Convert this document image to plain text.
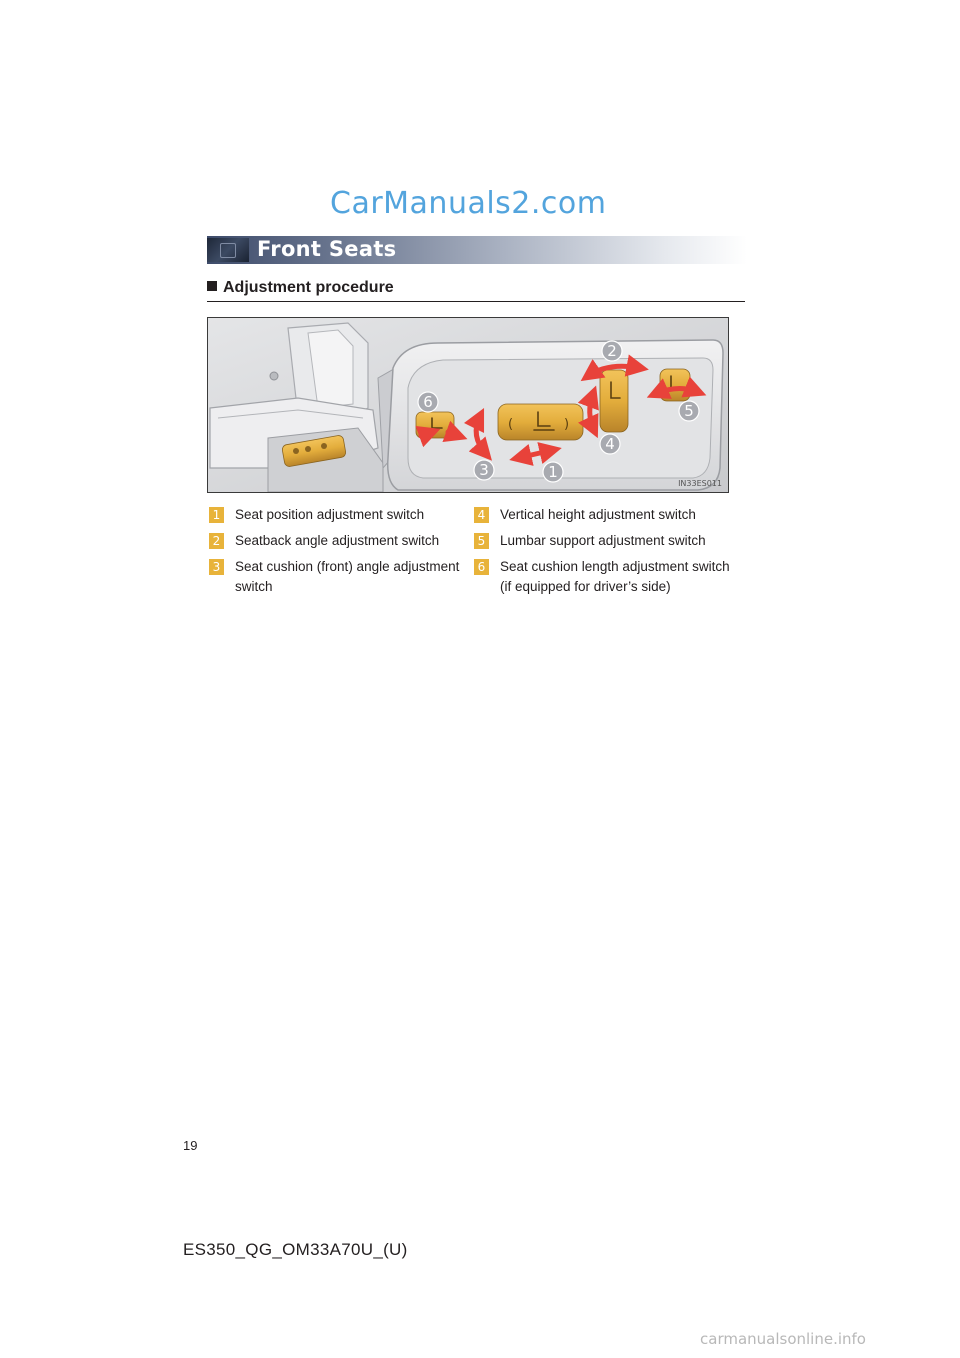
CarManuals2.com
Front Seats
Adjustment procedure
(	)
1
2
3
4
5
6
IN33ES011
1 Seat position adjustment switch
2 Seatback angle adjustment switch
3 Seat cushion (front) angle adjustment switch
4 Vertical height adjustment switch
5 Lumbar support adjustment switch
6 Seat cushion length adjustment switch (if equipped for driver’s side)
19
ES350_QG_OM33A70U_(U)
carmanualsonline.info
